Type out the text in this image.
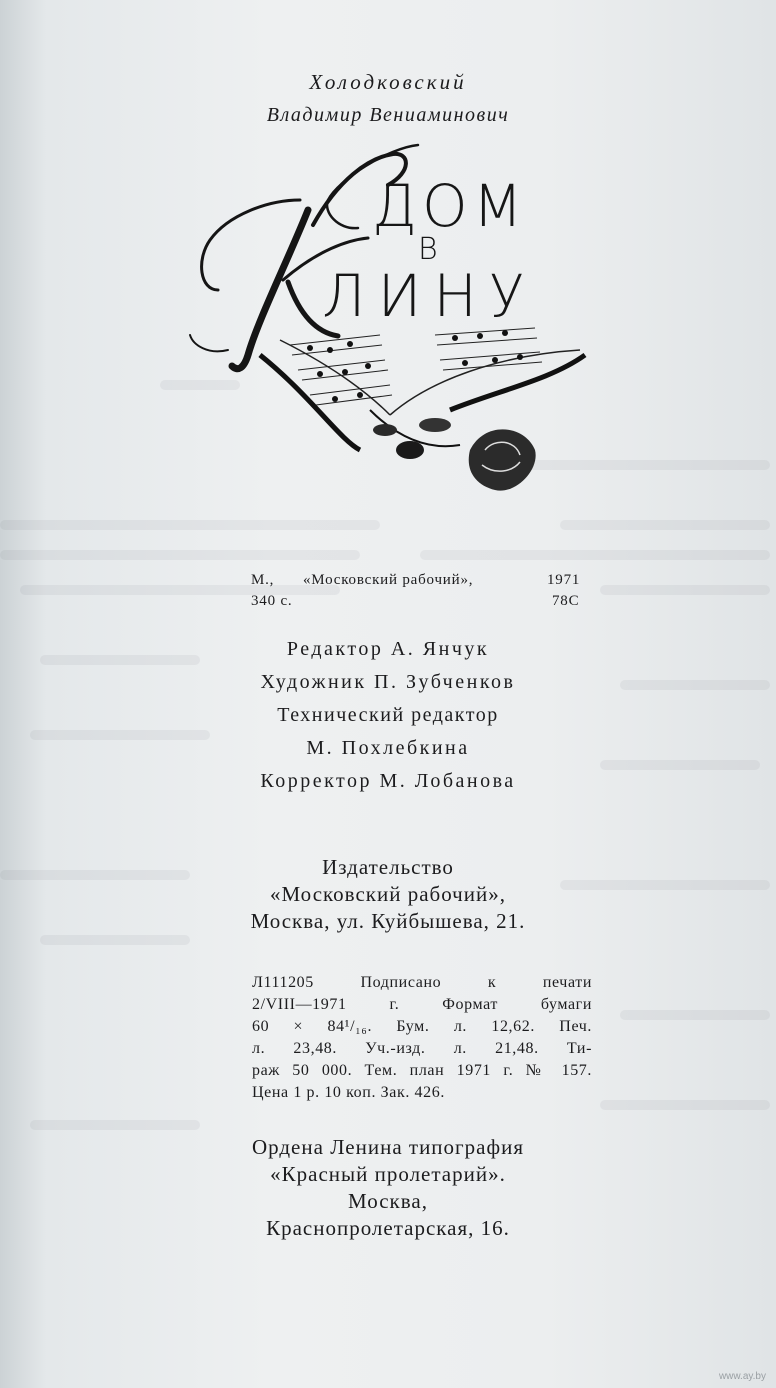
Холодковский
Владимир Вениаминович
К
ДОМ
В
ЛИНУ
М., «Московский рабочий»,	1971
340 с.	78С
Редактор А. Янчук
Художник П. Зубченков
Технический редактор
М. Похлебкина
Корректор М. Лобанова
Издательство
«Московский рабочий»,
Москва, ул. Куйбышева, 21.
Л111205 Подписано к печати
2/VIII—1971 г. Формат бумаги
60 × 84¹/₁₆. Бум. л. 12,62. Печ.
л. 23,48. Уч.-изд. л. 21,48. Ти-
раж 50 000. Тем. план 1971 г. № 157.
Цена 1 р. 10 коп. Зак. 426.
Ордена Ленина типография
«Красный пролетарий».
Москва,
Краснопролетарская, 16.
www.ay.by
